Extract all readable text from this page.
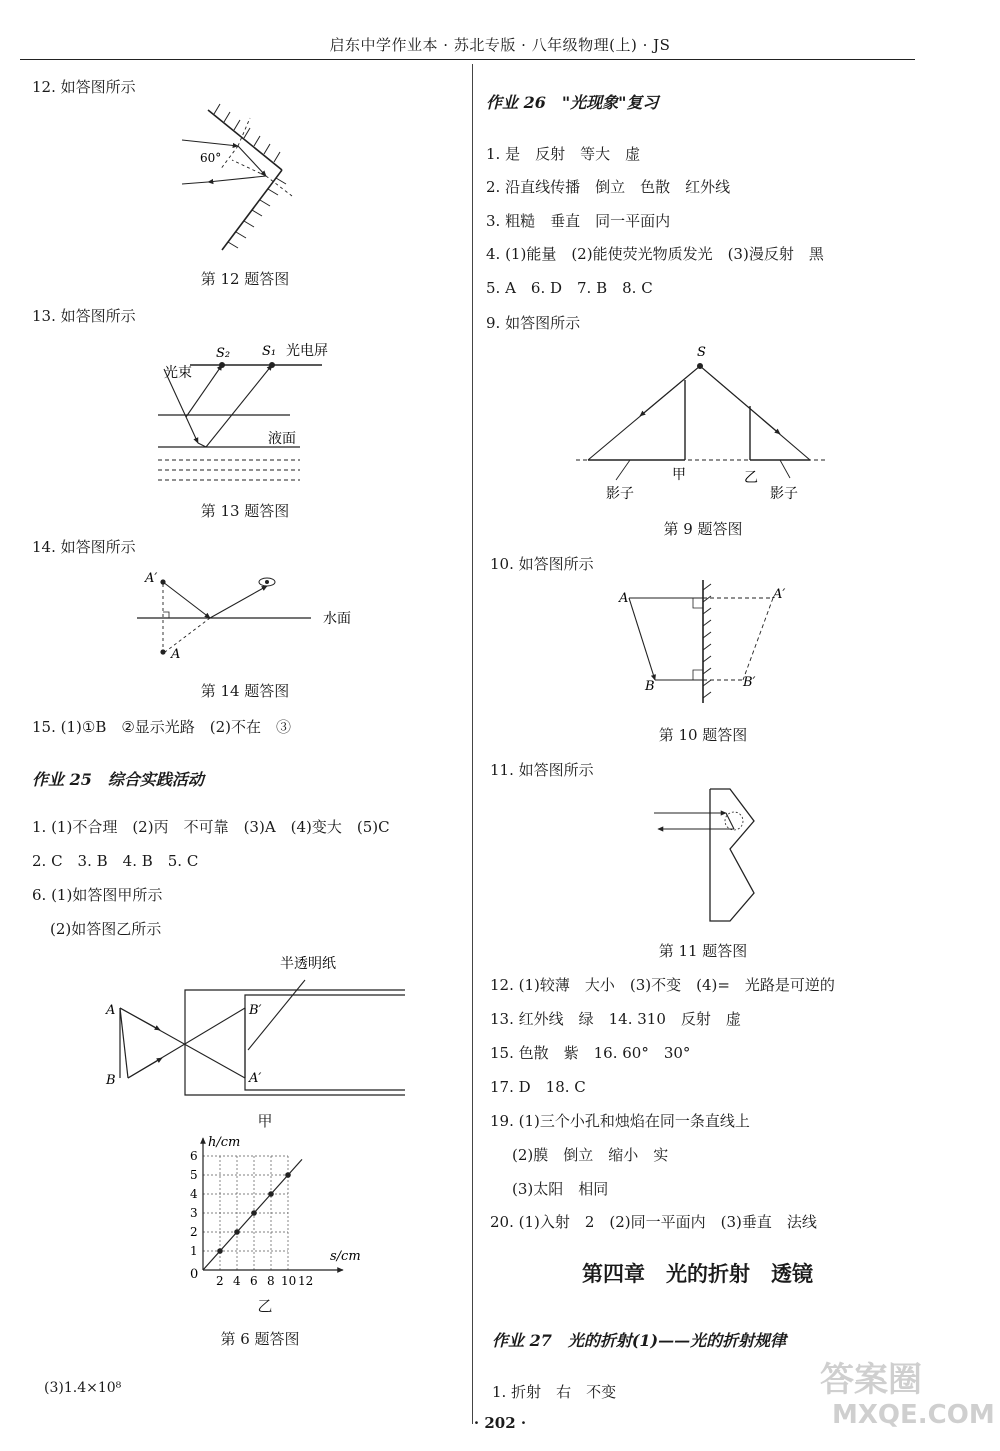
启东中学作业本 · 苏北专版 · 八年级物理(上) · JS
12. 如答图所示
60°
第 12 题答图
13. 如答图所示
光束
S₂ S₁ 光电屏
液面
第 13 题答图
14. 如答图所示
A′
A
水面
第 14 题答图
15. (1)①B　②显示光路　(2)不在　③
作业 25　综合实践活动
1. (1)不合理　(2)丙　不可靠　(3)A　(4)变大　(5)C
2. C　3. B　4. B　5. C
6. (1)如答图甲所示
(2)如答图乙所示
半透明纸
A
B
B′
A′
甲
2 4 6 8 10 12
1
2
3
4
5
6
h/cm
s/cm
0
乙
第 6 题答图
(3)1.4×10⁸
作业 26　"光现象"复习
1. 是　反射　等大　虚
2. 沿直线传播　倒立　色散　红外线
3. 粗糙　垂直　同一平面内
4. (1)能量　(2)能使荧光物质发光　(3)漫反射　黑
5. A　6. D　7. B　8. C
9. 如答图所示
S
甲	乙
影子	影子
第 9 题答图
10. 如答图所示
A	A′
B	B′
第 10 题答图
11. 如答图所示
第 11 题答图
12. (1)较薄　大小　(3)不变　(4)=　光路是可逆的
13. 红外线　绿　14. 310　反射　虚
15. 色散　紫　16. 60°　30°
17. D　18. C
19. (1)三个小孔和烛焰在同一条直线上
(2)膜　倒立　缩小　实
(3)太阳　相同
20. (1)入射　2　(2)同一平面内　(3)垂直　法线
第四章　光的折射　透镜
作业 27　光的折射(1)——光的折射规律
1. 折射　右　不变	答案圈
MXQE.COM
· 202 ·
